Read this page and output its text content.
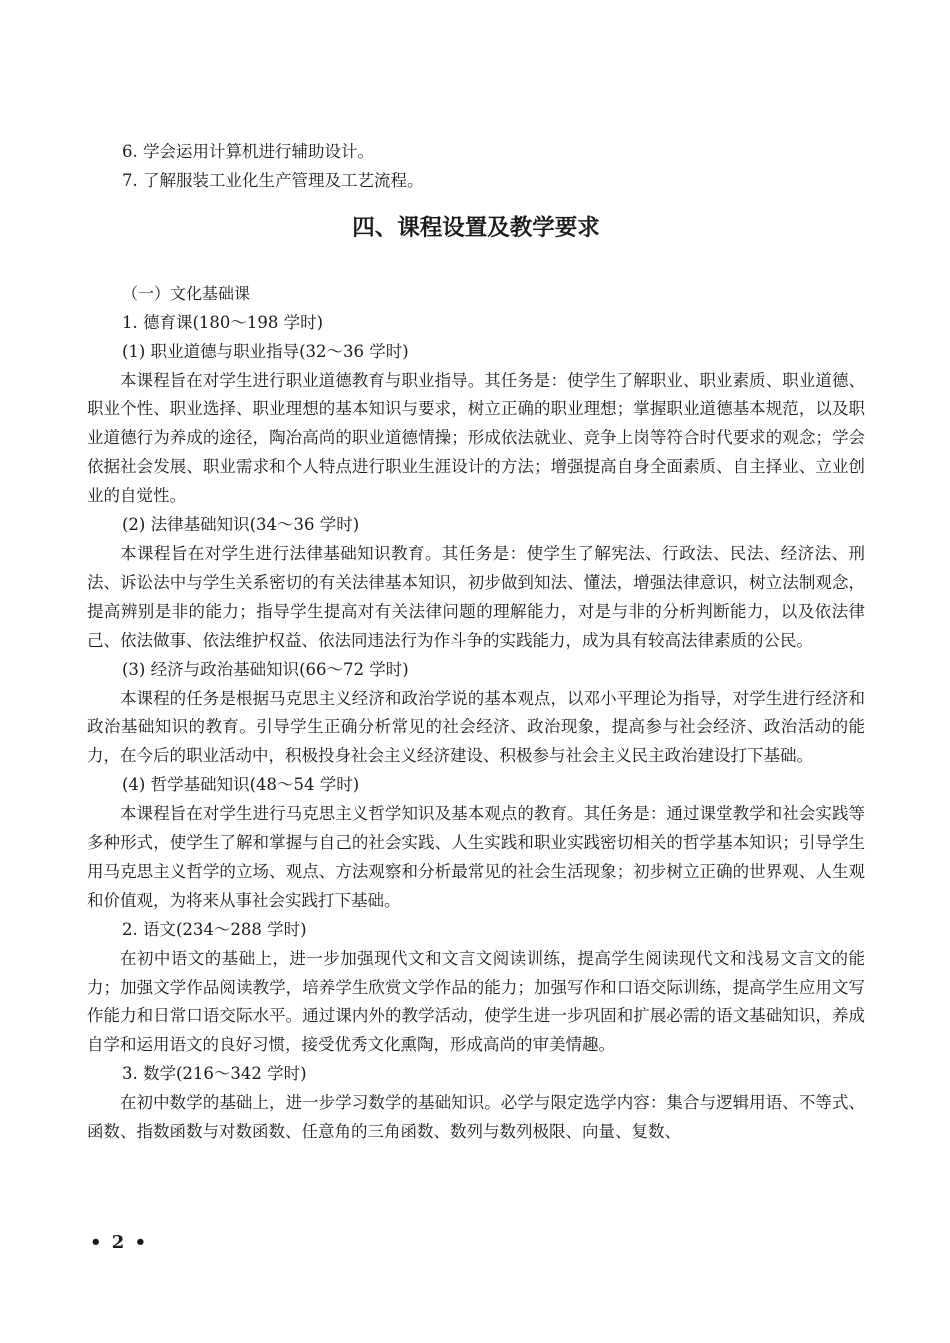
6. 学会运用计算机进行辅助设计。

7. 了解服装工业化生产管理及工艺流程。

四、课程设置及教学要求

（一）文化基础课

1. 德育课(180～198 学时)

(1) 职业道德与职业指导(32～36 学时)

本课程旨在对学生进行职业道德教育与职业指导。其任务是：使学生了解职业、职业素质、职业道德、职业个性、职业选择、职业理想的基本知识与要求，树立正确的职业理想；掌握职业道德基本规范，以及职业道德行为养成的途径，陶冶高尚的职业道德情操；形成依法就业、竞争上岗等符合时代要求的观念；学会依据社会发展、职业需求和个人特点进行职业生涯设计的方法；增强提高自身全面素质、自主择业、立业创业的自觉性。

(2) 法律基础知识(34～36 学时)

本课程旨在对学生进行法律基础知识教育。其任务是：使学生了解宪法、行政法、民法、经济法、刑法、诉讼法中与学生关系密切的有关法律基本知识，初步做到知法、懂法，增强法律意识，树立法制观念，提高辨别是非的能力；指导学生提高对有关法律问题的理解能力，对是与非的分析判断能力，以及依法律己、依法做事、依法维护权益、依法同违法行为作斗争的实践能力，成为具有较高法律素质的公民。

(3) 经济与政治基础知识(66～72 学时)

本课程的任务是根据马克思主义经济和政治学说的基本观点，以邓小平理论为指导，对学生进行经济和政治基础知识的教育。引导学生正确分析常见的社会经济、政治现象，提高参与社会经济、政治活动的能力，在今后的职业活动中，积极投身社会主义经济建设、积极参与社会主义民主政治建设打下基础。

(4) 哲学基础知识(48～54 学时)

本课程旨在对学生进行马克思主义哲学知识及基本观点的教育。其任务是：通过课堂教学和社会实践等多种形式，使学生了解和掌握与自己的社会实践、人生实践和职业实践密切相关的哲学基本知识；引导学生用马克思主义哲学的立场、观点、方法观察和分析最常见的社会生活现象；初步树立正确的世界观、人生观和价值观，为将来从事社会实践打下基础。

2. 语文(234～288 学时)

在初中语文的基础上，进一步加强现代文和文言文阅读训练，提高学生阅读现代文和浅易文言文的能力；加强文学作品阅读教学，培养学生欣赏文学作品的能力；加强写作和口语交际训练，提高学生应用文写作能力和日常口语交际水平。通过课内外的教学活动，使学生进一步巩固和扩展必需的语文基础知识，养成自学和运用语文的良好习惯，接受优秀文化熏陶，形成高尚的审美情趣。

3. 数学(216～342 学时)

在初中数学的基础上，进一步学习数学的基础知识。必学与限定选学内容：集合与逻辑用语、不等式、函数、指数函数与对数函数、任意角的三角函数、数列与数列极限、向量、复数、

• 2 •
